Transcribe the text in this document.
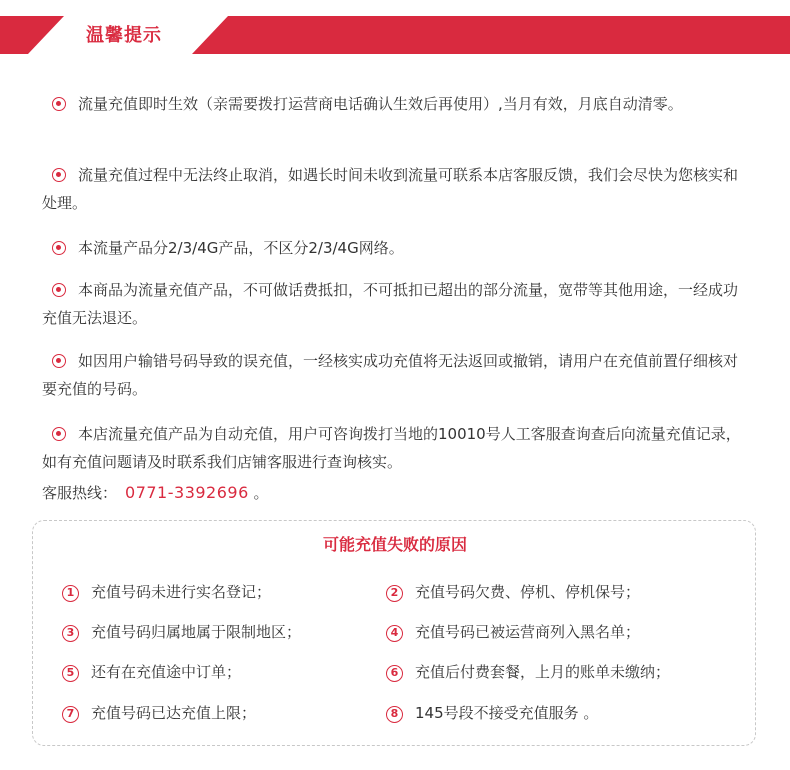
温馨提示
流量充值即时生效（亲需要拨打运营商电话确认生效后再使用）,当月有效，月底自动清零。
流量充值过程中无法终止取消，如遇长时间未收到流量可联系本店客服反馈，我们会尽快为您核实和处理。
本流量产品分2/3/4G产品，不区分2/3/4G网络。
本商品为流量充值产品，不可做话费抵扣，不可抵扣已超出的部分流量，宽带等其他用途，一经成功充值无法退还。
如因用户输错号码导致的误充值，一经核实成功充值将无法返回或撤销，请用户在充值前置仔细核对要充值的号码。
本店流量充值产品为自动充值，用户可咨询拨打当地的10010号人工客服查询查后向流量充值记录，如有充值问题请及时联系我们店铺客服进行查询核实。
客服热线： 0771-3392696 。
可能充值失败的原因
1 充值号码未进行实名登记；	2 充值号码欠费、停机、停机保号；
3 充值号码归属地属于限制地区；	4 充值号码已被运营商列入黑名单；
5 还有在充值途中订单；	6 充值后付费套餐，上月的账单未缴纳；
7 充值号码已达充值上限；	8 145号段不接受充值服务 。
